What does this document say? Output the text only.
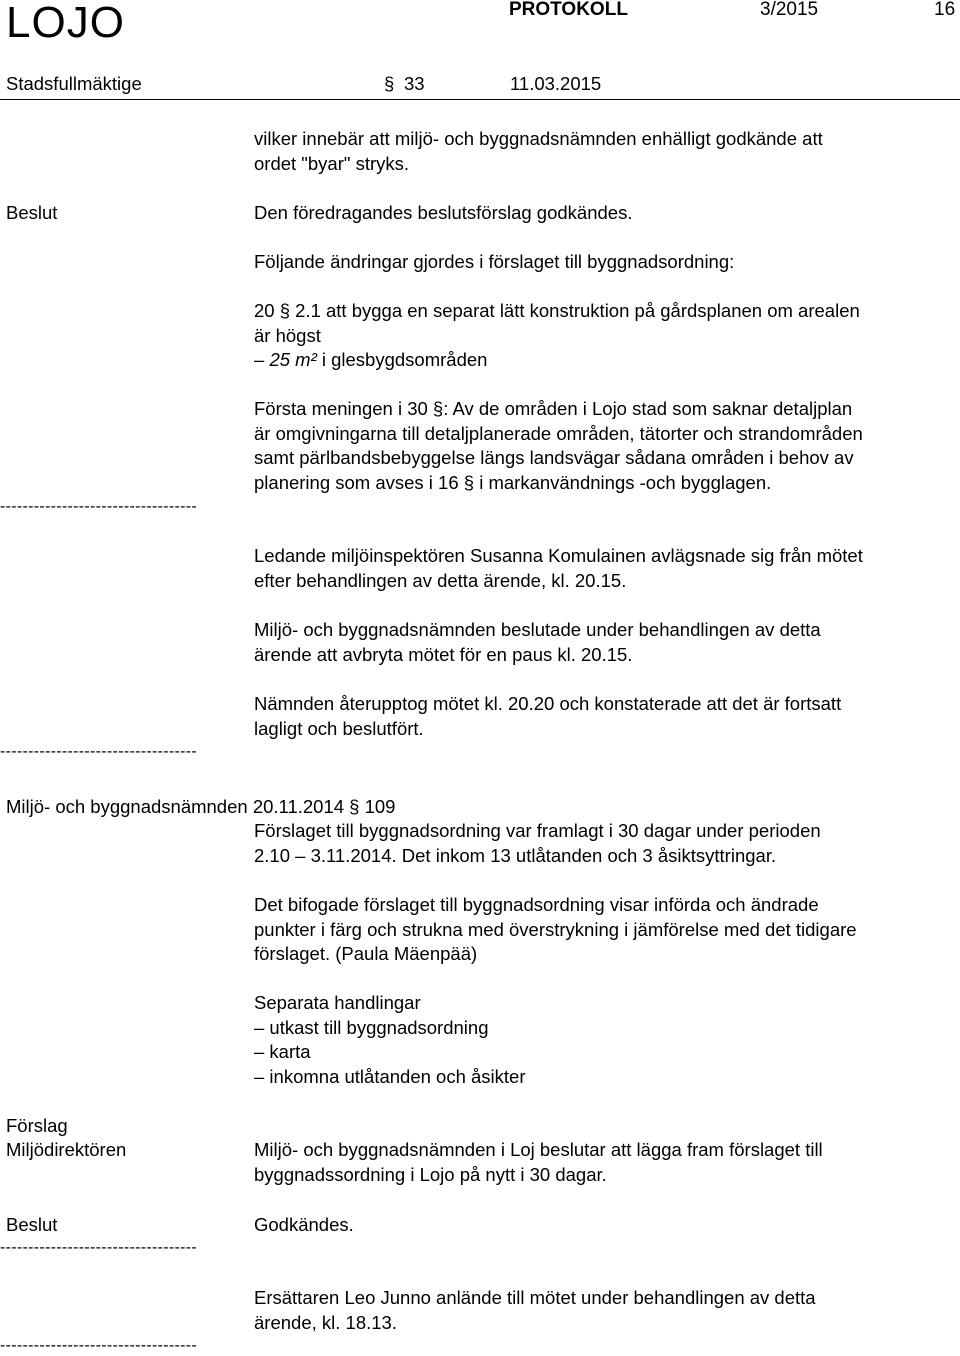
LOJO	PROTOKOLL	3/2015	16
Stadsfullmäktige	§ 33	11.03.2015
vilker innebär att miljö- och byggnadsnämnden enhälligt godkände att
ordet "byar" stryks.
Beslut	Den föredragandes beslutsförslag godkändes.
Följande ändringar gjordes i förslaget till byggnadsordning:
20 § 2.1 att bygga en separat lätt konstruktion på gårdsplanen om arealen
är högst
– 25 m² i glesbygdsområden
Första meningen i 30 §: Av de områden i Lojo stad som saknar detaljplan
är omgivningarna till detaljplanerade områden, tätorter och strandområden
samt pärlbandsbebyggelse längs landsvägar sådana områden i behov av
planering som avses i 16 § i markanvändnings -och bygglagen.
-----------------------------------
Ledande miljöinspektören Susanna Komulainen avlägsnade sig från mötet
efter behandlingen av detta ärende, kl. 20.15.
Miljö- och byggnadsnämnden beslutade under behandlingen av detta
ärende att avbryta mötet för en paus kl. 20.15.
Nämnden återupptog mötet kl. 20.20 och konstaterade att det är fortsatt
lagligt och beslutfört.
-----------------------------------
Miljö- och byggnadsnämnden 20.11.2014 § 109
Förslaget till byggnadsordning var framlagt i 30 dagar under perioden
2.10 – 3.11.2014. Det inkom 13 utlåtanden och 3 åsiktsyttringar.
Det bifogade förslaget till byggnadsordning visar införda och ändrade
punkter i färg och strukna med överstrykning i jämförelse med det tidigare
förslaget. (Paula Mäenpää)
Separata handlingar
– utkast till byggnadsordning
– karta
– inkomna utlåtanden och åsikter
Förslag
Miljödirektören	Miljö- och byggnadsnämnden i Loj beslutar att lägga fram förslaget till
byggnadssordning i Lojo på nytt i 30 dagar.
Beslut	Godkändes.
-----------------------------------
Ersättaren Leo Junno anlände till mötet under behandlingen av detta
ärende, kl. 18.13.
-----------------------------------
